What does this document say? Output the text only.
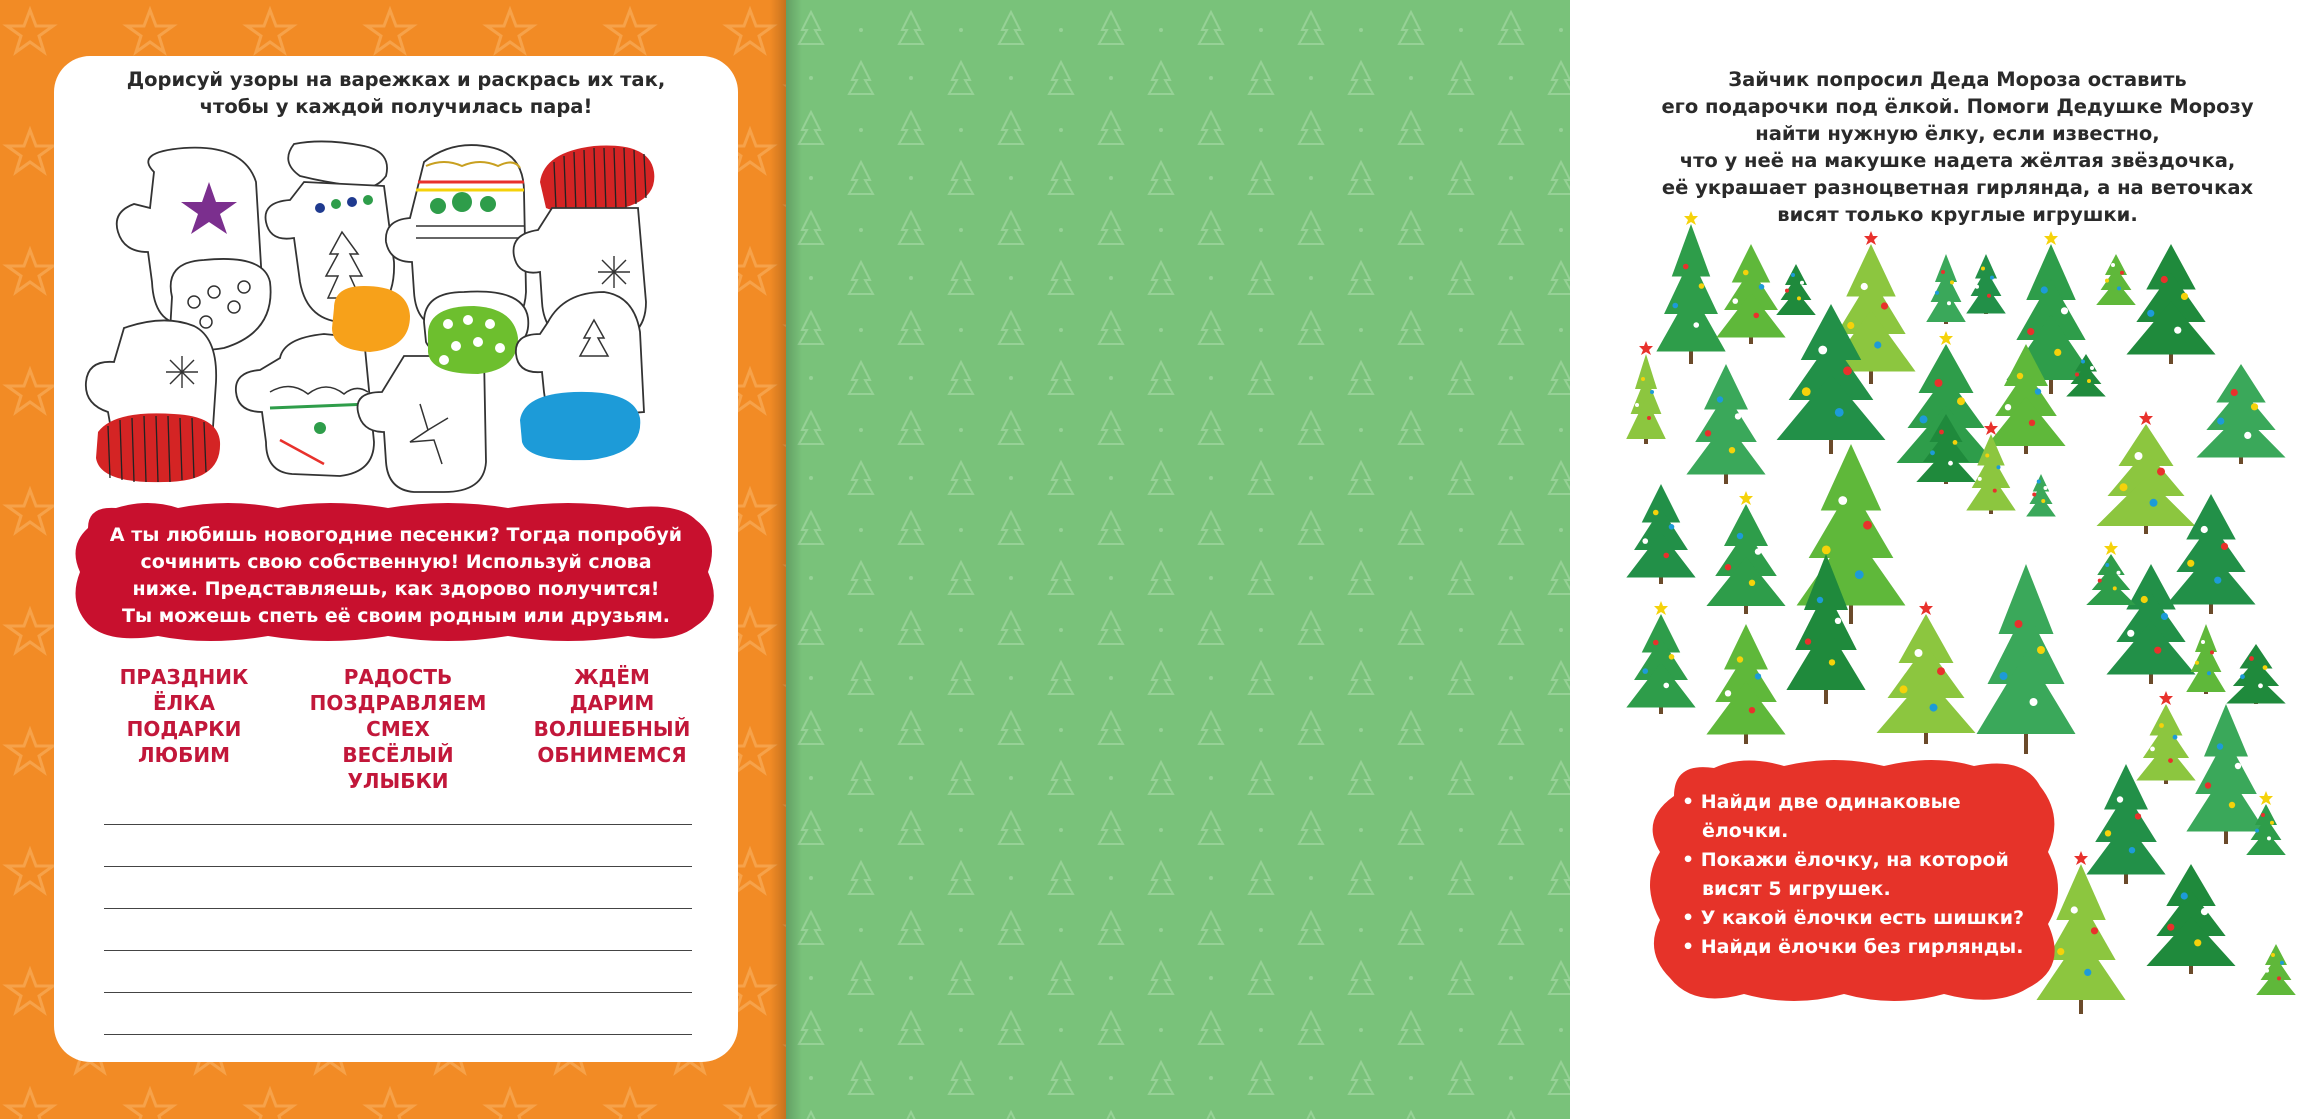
Дорисуй узоры на варежках и раскрась их так,
чтобы у каждой получилась пара!

А ты любишь новогодние песенки? Тогда попробуй
сочинить свою собственную! Используй слова
ниже. Представляешь, как здорово получится!
Ты можешь спеть её своим родным или друзьям.

ПРАЗДНИК
ЁЛКА
ПОДАРКИ
ЛЮБИМ
РАДОСТЬ
ПОЗДРАВЛЯЕМ
СМЕХ
ВЕСЁЛЫЙ
УЛЫБКИ
ЖДЁМ
ДАРИМ
ВОЛШЕБНЫЙ
ОБНИМЕМСЯ

Зайчик попросил Деда Мороза оставить
его подарочки под ёлкой. Помоги Дедушке Морозу
найти нужную ёлку, если известно,
что у неё на макушке надета жёлтая звёздочка,
её украшает разноцветная гирлянда, а на веточках
висят только круглые игрушки.

• Найди две одинаковые
ёлочки.
• Покажи ёлочку, на которой
висят 5 игрушек.
• У какой ёлочки есть шишки?
• Найди ёлочки без гирлянды.
